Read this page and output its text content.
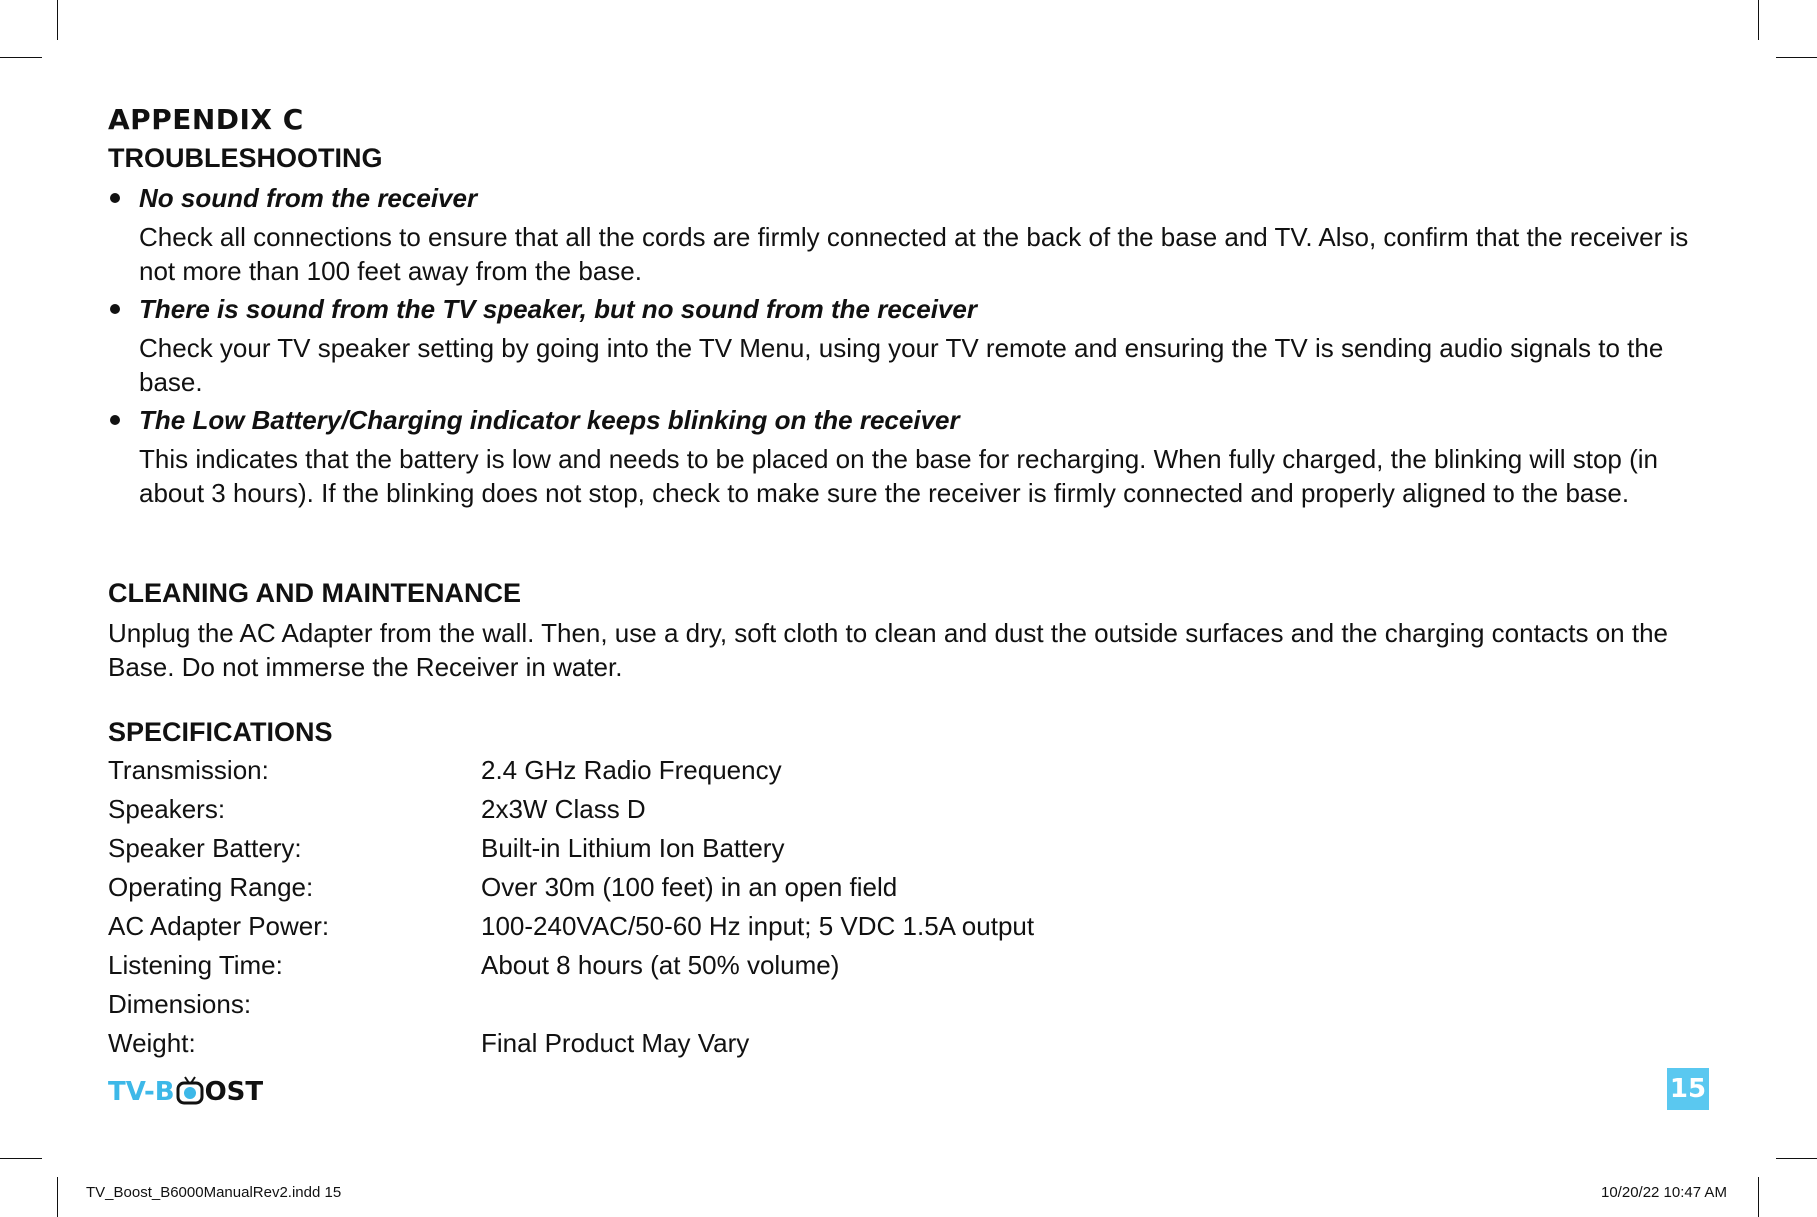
APPENDIX C
TROUBLESHOOTING
No sound from the receiver

Check all connections to ensure that all the cords are firmly connected at the back of the base and TV. Also, confirm that the receiver is not more than 100 feet away from the base.

There is sound from the TV speaker, but no sound from the receiver

Check your TV speaker setting by going into the TV Menu, using your TV remote and ensuring the TV is sending audio signals to the base.

The Low Battery/Charging indicator keeps blinking on the receiver

This indicates that the battery is low and needs to be placed on the base for recharging. When fully charged, the blinking will stop (in about 3 hours). If the blinking does not stop, check to make sure the receiver is firmly connected and properly aligned to the base.

CLEANING AND MAINTENANCE

Unplug the AC Adapter from the wall. Then, use a dry, soft cloth to clean and dust the outside surfaces and the charging contacts on the Base. Do not immerse the Receiver in water.

SPECIFICATIONS
Transmission:	2.4 GHz Radio Frequency
Speakers:	2x3W Class D
Speaker Battery:	Built-in Lithium Ion Battery
Operating Range:	Over 30m (100 feet) in an open field
AC Adapter Power:	100-240VAC/50-60 Hz input; 5 VDC 1.5A output
Listening Time:	About 8 hours (at 50% volume)
Dimensions:
Weight:	Final Product May Vary
TV-B OST	15
TV_Boost_B6000ManualRev2.indd 15	10/20/22 10:47 AM
